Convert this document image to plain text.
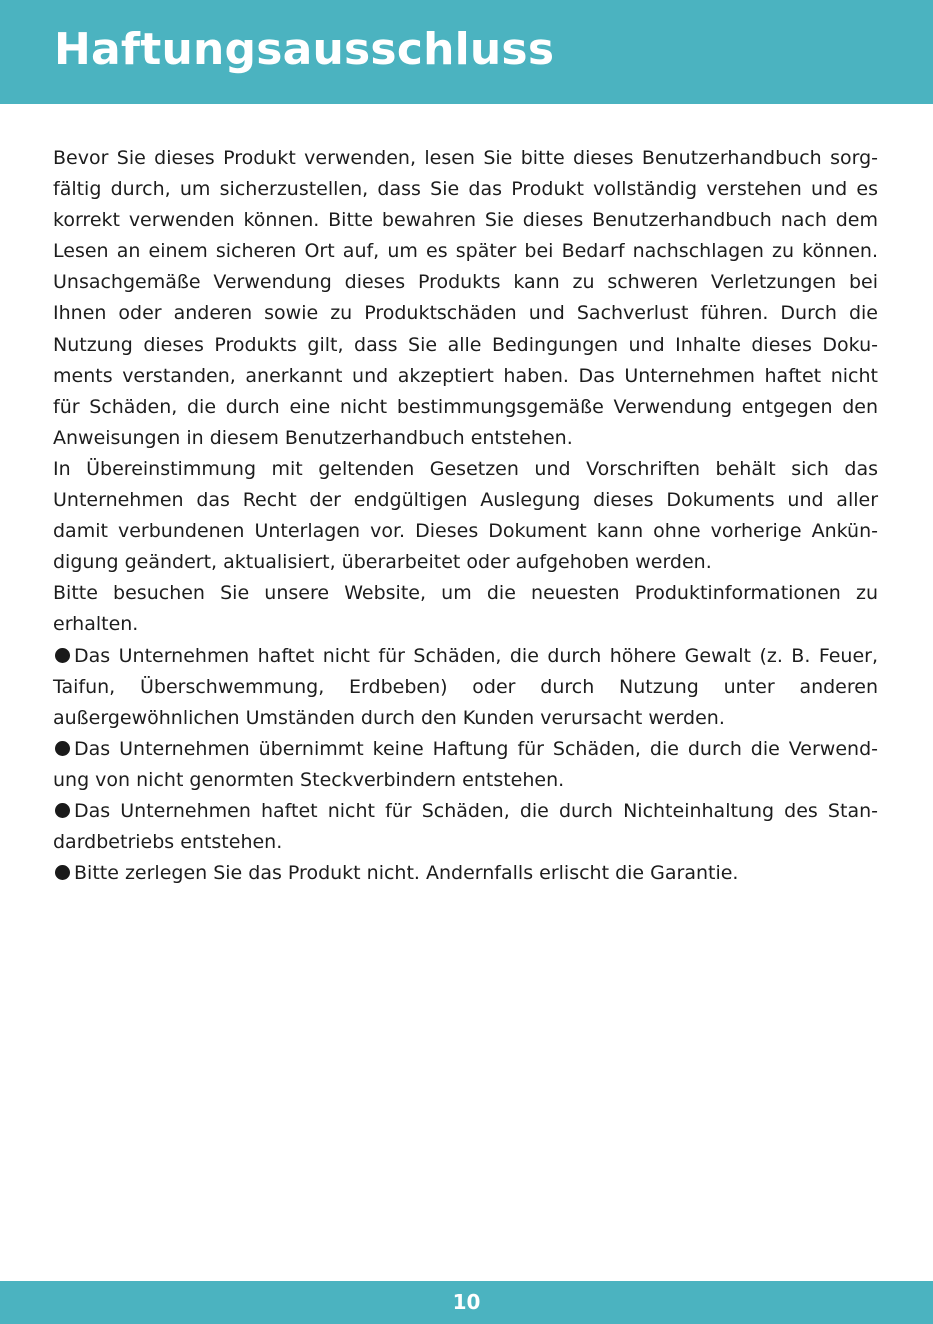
Haftungsausschluss

Bevor Sie dieses Produkt verwenden, lesen Sie bitte dieses Benutzerhandbuch sorgfältig durch, um sicherzustellen, dass Sie das Produkt vollständig verstehen und es korrekt verwenden können. Bitte bewahren Sie dieses Benutzerhandbuch nach dem Lesen an einem sicheren Ort auf, um es später bei Bedarf nachschlagen zu können. Unsachgemäße Verwendung dieses Produkts kann zu schweren Verletzungen bei Ihnen oder anderen sowie zu Produktschäden und Sachverlust führen. Durch die Nutzung dieses Produkts gilt, dass Sie alle Bedingungen und Inhalte dieses Dokuments verstanden, anerkannt und akzeptiert haben. Das Unternehmen haftet nicht für Schäden, die durch eine nicht bestimmungsgemäße Verwendung entgegen den Anweisungen in diesem Benutzerhandbuch entstehen.

In Übereinstimmung mit geltenden Gesetzen und Vorschriften behält sich das Unternehmen das Recht der endgültigen Auslegung dieses Dokuments und aller damit verbundenen Unterlagen vor. Dieses Dokument kann ohne vorherige Ankündigung geändert, aktualisiert, überarbeitet oder aufgehoben werden.

Bitte besuchen Sie unsere Website, um die neuesten Produktinformationen zu erhalten.

Das Unternehmen haftet nicht für Schäden, die durch höhere Gewalt (z. B. Feuer, Taifun, Überschwemmung, Erdbeben) oder durch Nutzung unter anderen außergewöhnlichen Umständen durch den Kunden verursacht werden.

Das Unternehmen übernimmt keine Haftung für Schäden, die durch die Verwendung von nicht genormten Steckverbindern entstehen.

Das Unternehmen haftet nicht für Schäden, die durch Nichteinhaltung des Standardbetriebs entstehen.

Bitte zerlegen Sie das Produkt nicht. Andernfalls erlischt die Garantie.

10
